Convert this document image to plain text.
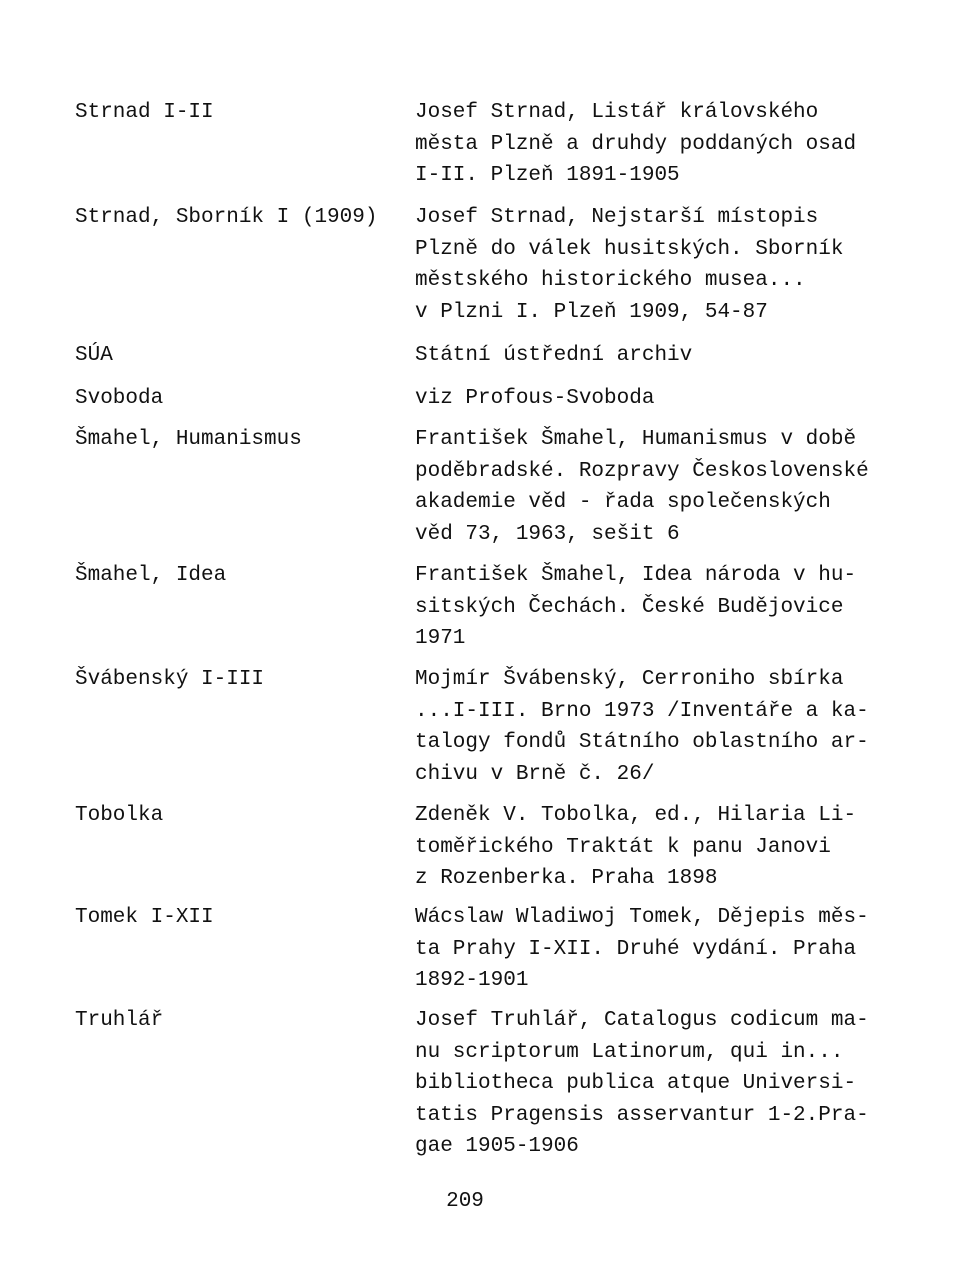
Strnad I-II	Josef Strnad, Listář královského
města Plzně a druhdy poddaných osad
I-II. Plzeň 1891-1905
Strnad, Sborník I (1909)	Josef Strnad, Nejstarší místopis
Plzně do válek husitských. Sborník
městského historického musea...
v Plzni I. Plzeň 1909, 54-87
SÚA	Státní ústřední archiv
Svoboda	viz Profous-Svoboda
Šmahel, Humanismus	František Šmahel, Humanismus v době
poděbradské. Rozpravy Československé
akademie věd - řada společenských
věd 73, 1963, sešit 6
Šmahel, Idea	František Šmahel, Idea národa v hu-
sitských Čechách. České Budějovice
1971
Švábenský I-III	Mojmír Švábenský, Cerroniho sbírka
...I-III. Brno 1973 /Inventáře a ka-
talogy fondů Státního oblastního ar-
chivu v Brně č. 26/
Tobolka	Zdeněk V. Tobolka, ed., Hilaria Li-
toměřického Traktát k panu Janovi
z Rozenberka. Praha 1898
Tomek I-XII	Wácslaw Wladiwoj Tomek, Dějepis měs-
ta Prahy I-XII. Druhé vydání. Praha
1892-1901
Truhlář	Josef Truhlář, Catalogus codicum ma-
nu scriptorum Latinorum, qui in...
bibliotheca publica atque Universi-
tatis Pragensis asservantur 1-2.Pra-
gae 1905-1906
209
